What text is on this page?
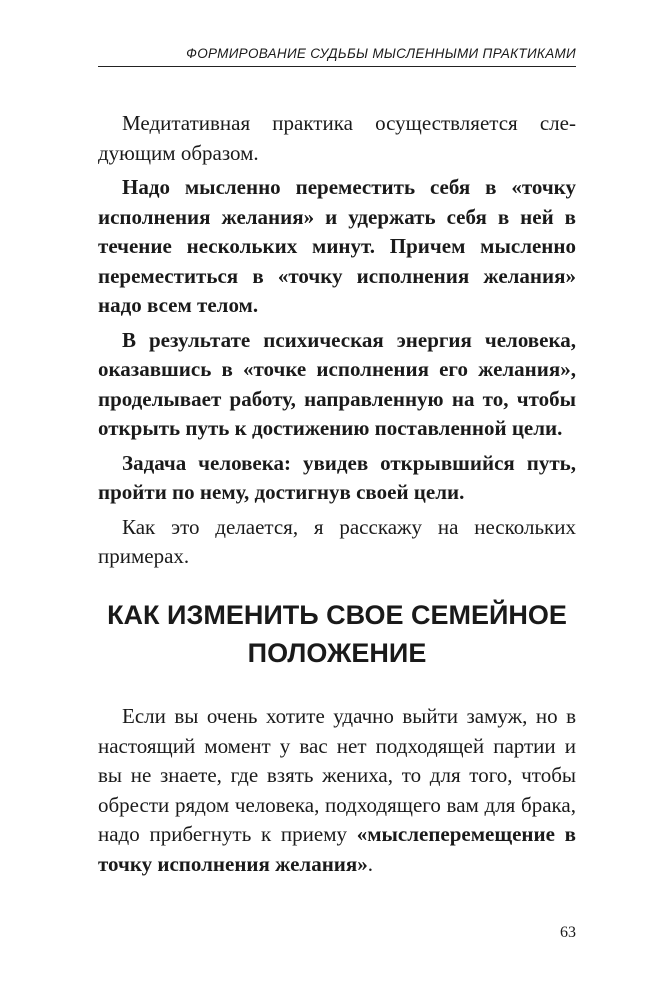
ФОРМИРОВАНИЕ СУДЬБЫ МЫСЛЕННЫМИ ПРАКТИКАМИ

Медитативная практика осуществляется следующим образом.

Надо мысленно переместить себя в «точку исполнения желания» и удержать себя в ней в течение нескольких минут. Причем мысленно переместиться в «точку исполнения желания» надо всем телом.

В результате психическая энергия человека, оказавшись в «точке исполнения его желания», проделывает работу, направленную на то, чтобы открыть путь к достижению поставленной цели.

Задача человека: увидев открывшийся путь, пройти по нему, достигнув своей цели.

Как это делается, я расскажу на нескольких примерах.

КАК ИЗМЕНИТЬ СВОЕ СЕМЕЙНОЕ
ПОЛОЖЕНИЕ

Если вы очень хотите удачно выйти замуж, но в настоящий момент у вас нет подходящей партии и вы не знаете, где взять жениха, то для того, чтобы обрести рядом человека, подходящего вам для брака, надо прибегнуть к приему «мыслеперемещение в точку исполнения желания».

63
